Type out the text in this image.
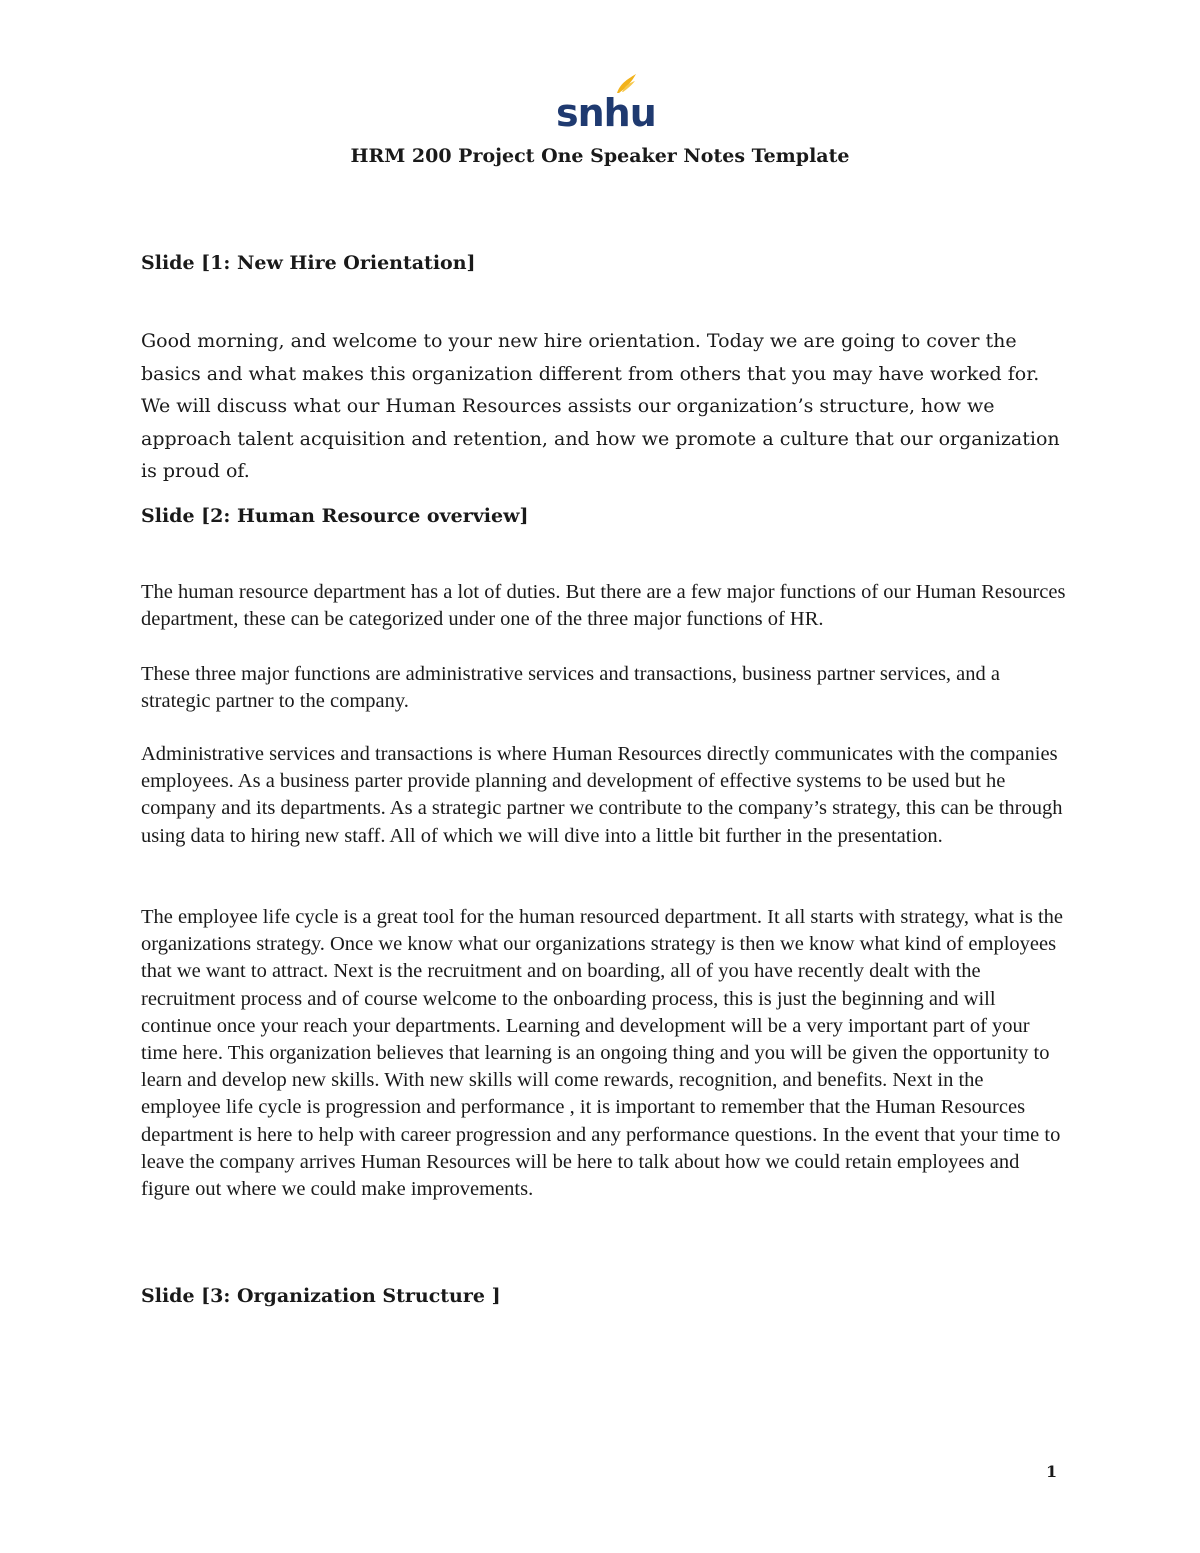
snhu
HRM 200 Project One Speaker Notes Template
Slide [1: New Hire Orientation]

Good morning, and welcome to your new hire orientation. Today we are going to cover the basics and what makes this organization different from others that you may have worked for. We will discuss what our Human Resources assists our organization’s structure, how we approach talent acquisition and retention, and how we promote a culture that our organization is proud of.

Slide [2: Human Resource overview]

The human resource department has a lot of duties. But there are a few major functions of our Human Resources department, these can be categorized under one of the three major functions of HR.

These three major functions are administrative services and transactions, business partner services, and a strategic partner to the company.

Administrative services and transactions is where Human Resources directly communicates with the companies employees. As a business parter provide planning and development of effective systems to be used but he company and its departments. As a strategic partner we contribute to the company’s strategy, this can be through using data to hiring new staff. All of which we will dive into a little bit further in the presentation.

The employee life cycle is a great tool for the human resourced department. It all starts with strategy, what is the organizations strategy. Once we know what our organizations strategy is then we know what kind of employees that we want to attract. Next is the recruitment and on boarding, all of you have recently dealt with the recruitment process and of course welcome to the onboarding process, this is just the beginning and will continue once your reach your departments. Learning and development will be a very important part of your time here. This organization believes that learning is an ongoing thing and you will be given the opportunity to learn and develop new skills. With new skills will come rewards, recognition, and benefits. Next in the employee life cycle is progression and performance , it is important to remember that the Human Resources department is here to help with career progression and any performance questions. In the event that your time to leave the company arrives Human Resources will be here to talk about how we could retain employees and figure out where we could make improvements.

Slide [3: Organization Structure ]
1
